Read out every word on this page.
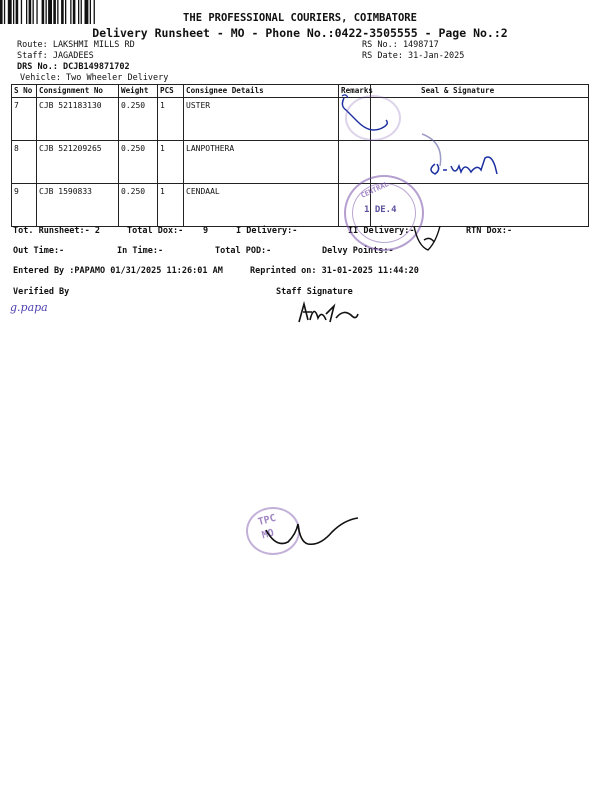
THE PROFESSIONAL COURIERS, COIMBATORE
Delivery Runsheet - MO - Phone No.:0422-3505555 - Page No.:2
Route: LAKSHMI MILLS RD
Staff: JAGADEES
DRS No.: DCJB149871702
Vehicle: Two Wheeler Delivery
RS No.: 1498717
RS Date: 31-Jan-2025
S No	Consignment No	Weight	PCS	Consignee Details	Remarks	Seal & Signature
7	CJB 521183130	0.250	1	USTER		
8	CJB 521209265	0.250	1	LANPOTHERA		
9	CJB 1590833	0.250	1	CENDAAL		
Tot. Runsheet:- 2	Total Dox:- 9	I Delivery:-	II Delivery:-	RTN Dox:-
Out Time:-	In Time:-	Total POD:-	Delvy Points:-
Entered By :PAPAMO 01/31/2025 11:26:01 AM	Reprinted on: 31-01-2025 11:44:20
Verified By	Staff Signature
g.papa
CENTRAL
1 DE.4
TPC
MO
